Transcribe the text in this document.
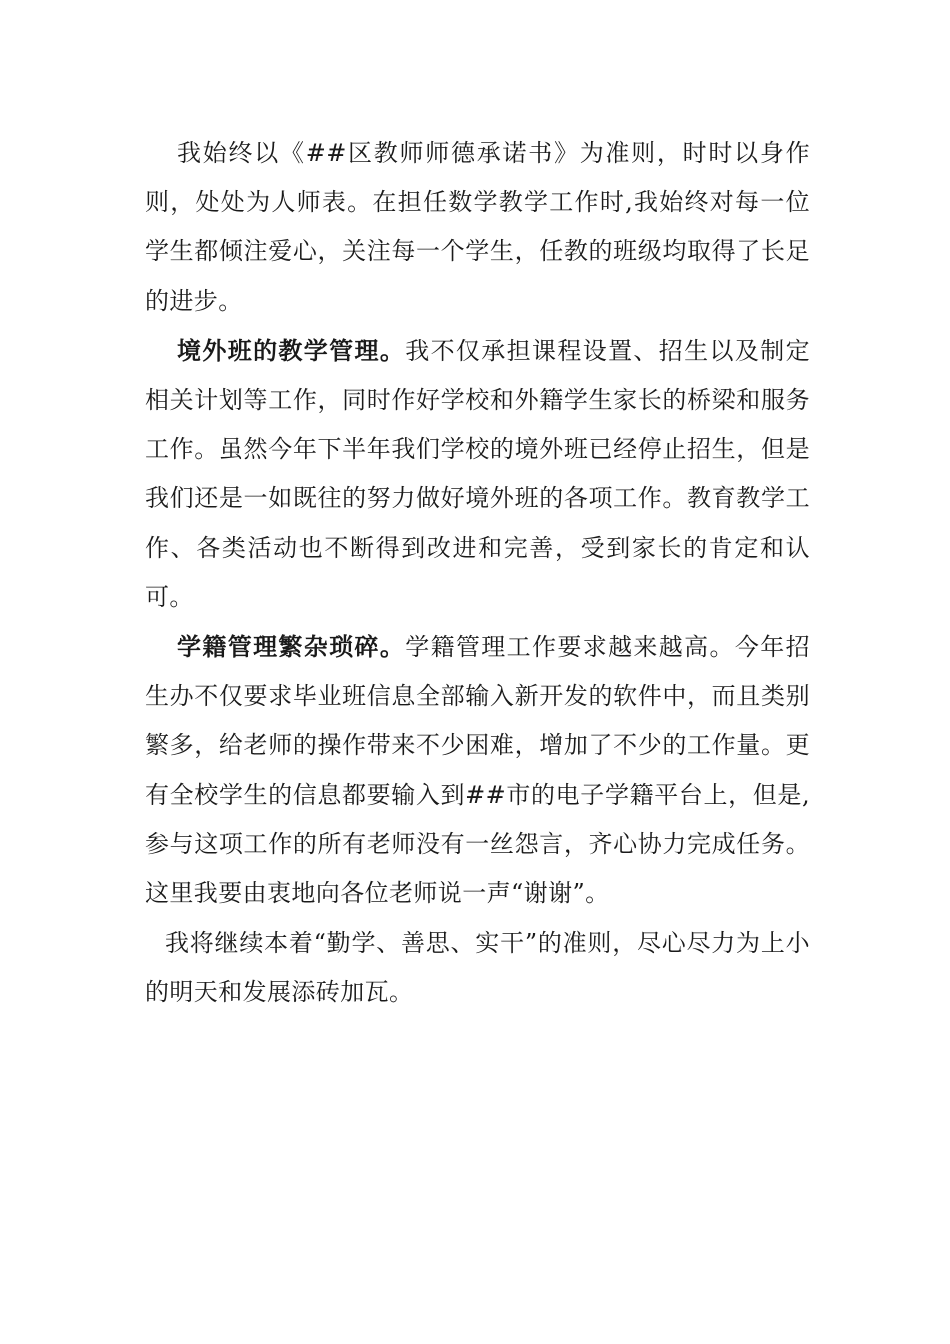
我始终以《##区教师师德承诺书》为准则，时时以身作则，处处为人师表。在担任数学教学工作时,我始终对每一位学生都倾注爱心，关注每一个学生，任教的班级均取得了长足的进步。

境外班的教学管理。我不仅承担课程设置、招生以及制定相关计划等工作，同时作好学校和外籍学生家长的桥梁和服务工作。虽然今年下半年我们学校的境外班已经停止招生，但是我们还是一如既往的努力做好境外班的各项工作。教育教学工作、各类活动也不断得到改进和完善，受到家长的肯定和认可。

学籍管理繁杂琐碎。学籍管理工作要求越来越高。今年招生办不仅要求毕业班信息全部输入新开发的软件中，而且类别繁多，给老师的操作带来不少困难，增加了不少的工作量。更有全校学生的信息都要输入到##市的电子学籍平台上，但是,参与这项工作的所有老师没有一丝怨言，齐心协力完成任务。这里我要由衷地向各位老师说一声“谢谢”。

我将继续本着“勤学、善思、实干”的准则，尽心尽力为上小的明天和发展添砖加瓦。
